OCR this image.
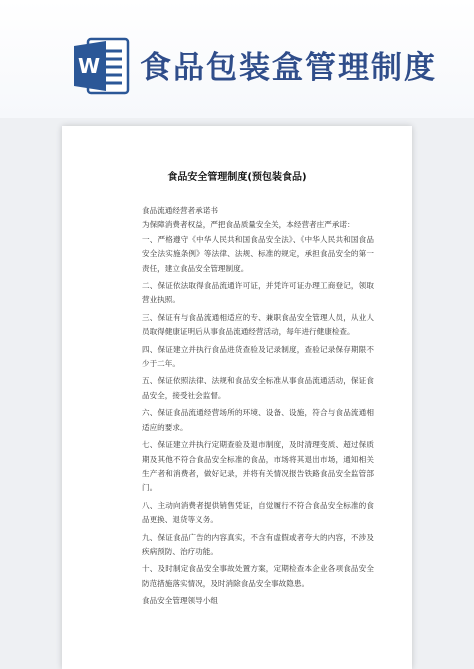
W 食品包装盒管理制度
食品安全管理制度(预包装食品)

食品流通经营者承诺书

为保障消费者权益，严把食品质量安全关，本经营者庄严承诺：

一、严格遵守《中华人民共和国食品安全法》、《中华人民共和国食品安全法实施条例》等法律、法规、标准的规定，承担食品安全的第一责任，建立食品安全管理制度。

二、保证依法取得食品流通许可证，并凭许可证办理工商登记，领取营业执照。

三、保证有与食品流通相适应的专、兼职食品安全管理人员，从业人员取得健康证明后从事食品流通经营活动，每年进行健康检查。

四、保证建立并执行食品进货查验及记录制度，查验记录保存期限不少于二年。

五、保证依照法律、法规和食品安全标准从事食品流通活动，保证食品安全，接受社会监督。

六、保证食品流通经营场所的环境、设备、设施，符合与食品流通相适应的要求。

七、保证建立并执行定期查验及退市制度，及时清理变质、超过保质期及其他不符合食品安全标准的食品，市场将其退出市场，通知相关生产者和消费者，做好记录，并将有关情况报告铁路食品安全监管部门。

八、主动向消费者提供销售凭证，自觉履行不符合食品安全标准的食品更换、退货等义务。

九、保证食品广告的内容真实，不含有虚假或者夸大的内容，不涉及疾病预防、治疗功能。

十、及时制定食品安全事故处置方案，定期检查本企业各项食品安全防范措施落实情况，及时消除食品安全事故隐患。

食品安全管理领导小组
